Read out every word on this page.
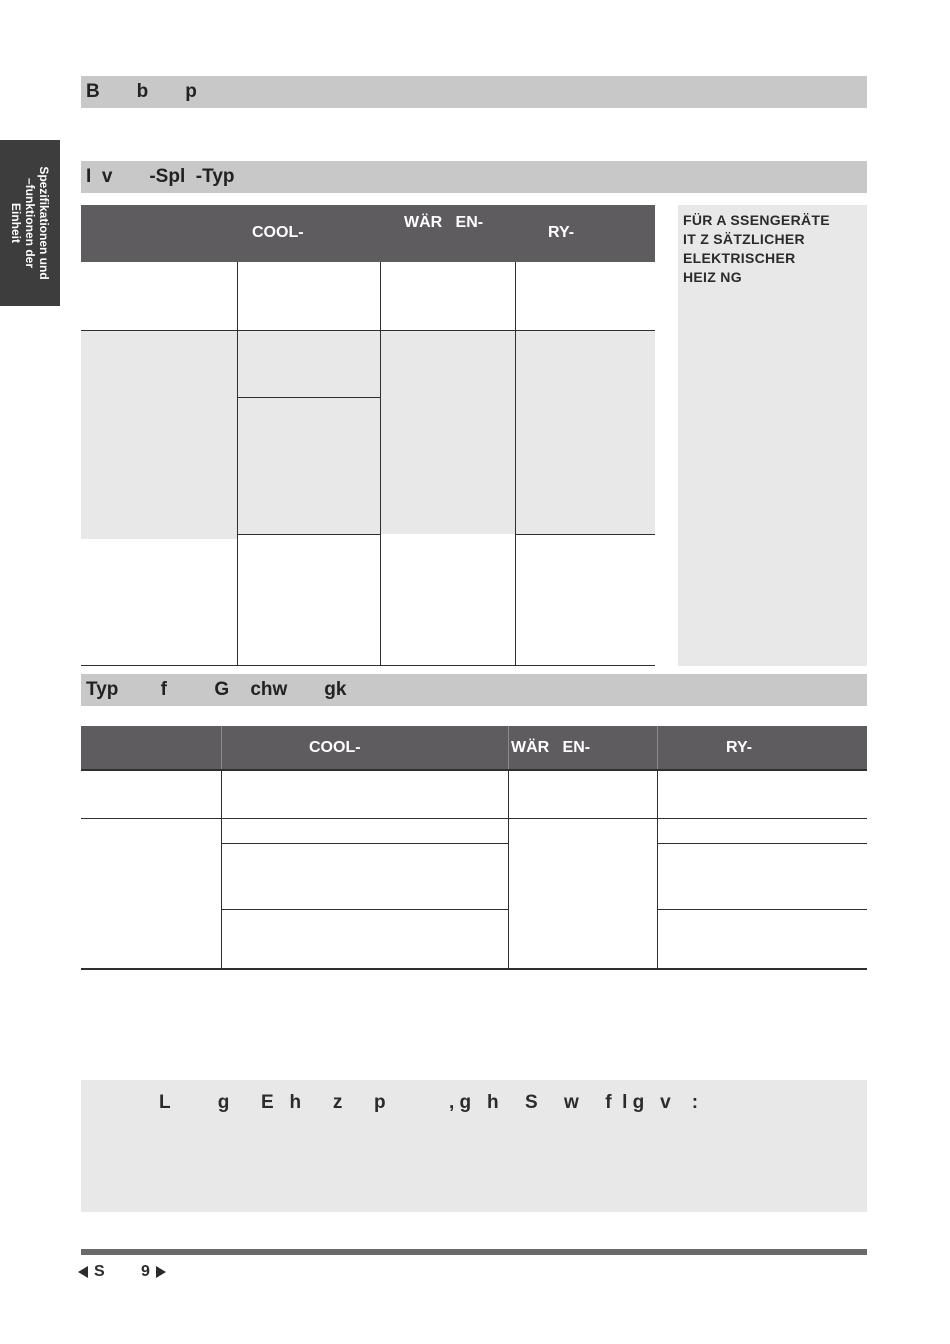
B       b       p
Spezifikationen und
–funktionen der
Einheit
I  v       -Spl  -Typ
COOL-
WÄR   EN-
RY-
FÜR A SSENGERÄTE
IT Z SÄTZLICHER
ELEKTRISCHER
HEIZ NG
Typ        f         G    chw       gk
COOL-	WÄR   EN-	RY-
L         g      E   h      z      p            , g   h     S     w     f  l g   v    :
S 9
